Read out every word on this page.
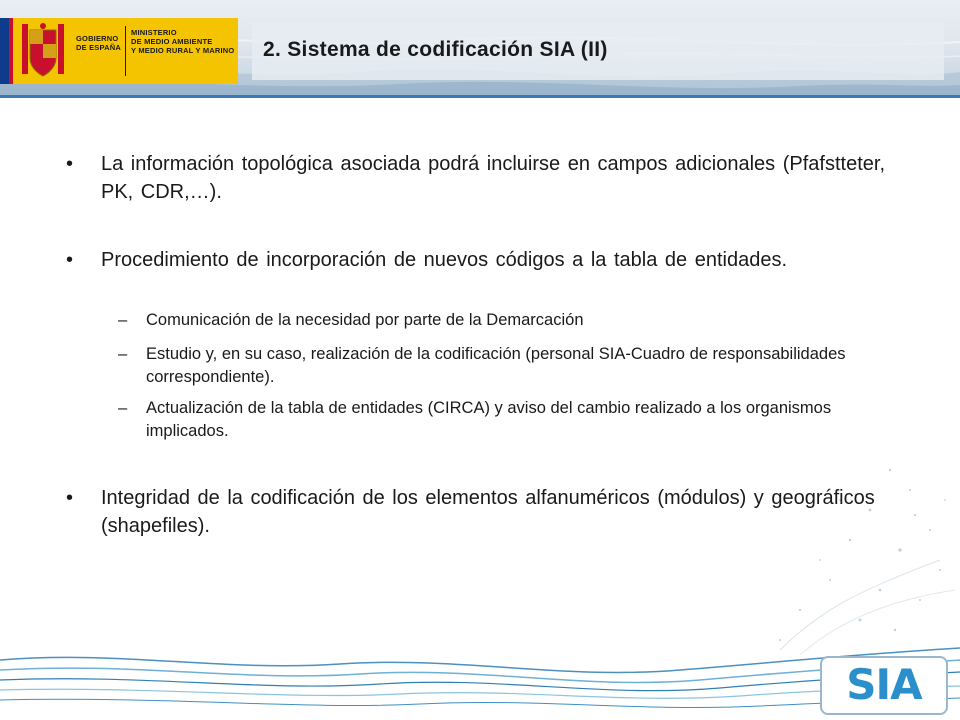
GOBIERNO
DE ESPAÑA
MINISTERIO
DE MEDIO AMBIENTE
Y MEDIO RURAL Y MARINO 2. Sistema de codificación SIA (II)
• La información topológica asociada podrá incluirse en campos adicionales (Pfafstteter, PK, CDR,…).
• Procedimiento de incorporación de nuevos códigos a la tabla de entidades.
– Comunicación de la necesidad por parte de la Demarcación
– Estudio y, en su caso, realización de la codificación (personal SIA-Cuadro de responsabilidades correspondiente).
– Actualización de la tabla de entidades (CIRCA) y aviso del cambio realizado a los organismos implicados.
• Integridad de la codificación de los elementos alfanuméricos (módulos) y geográficos (shapefiles).
SIA
